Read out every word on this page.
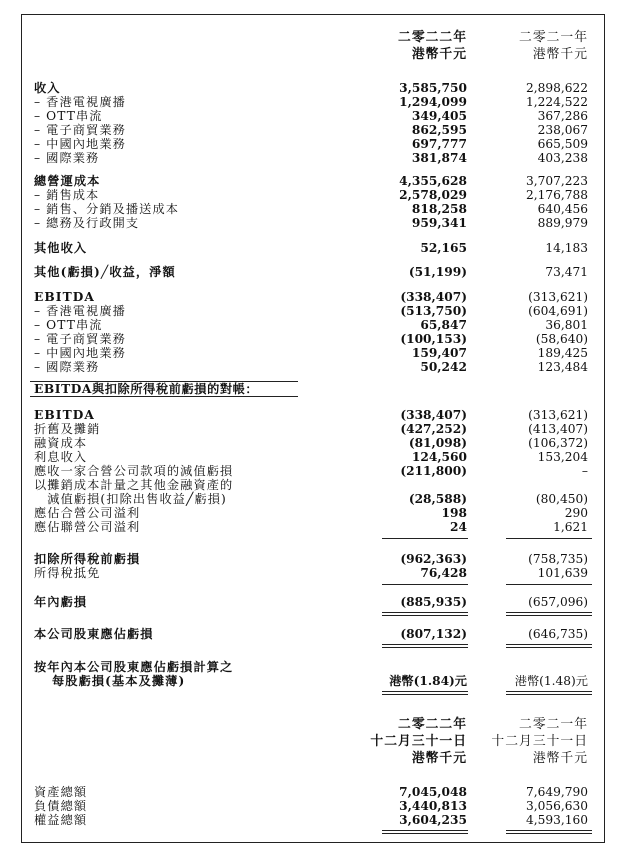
二零二二年	二零二一年
港幣千元	港幣千元
收入	3,585,750	2,898,622
– 香港電視廣播	1,294,099	1,224,522
– OTT串流	349,405	367,286
– 電子商貿業務	862,595	238,067
– 中國內地業務	697,777	665,509
– 國際業務	381,874	403,238
總營運成本	4,355,628	3,707,223
– 銷售成本	2,578,029	2,176,788
– 銷售、分銷及播送成本	818,258	640,456
– 總務及行政開支	959,341	889,979
其他收入	52,165	14,183
其他(虧損)╱收益，淨額	(51,199)	73,471
EBITDA	(338,407)	(313,621)
– 香港電視廣播	(513,750)	(604,691)
– OTT串流	65,847	36,801
– 電子商貿業務	(100,153)	(58,640)
– 中國內地業務	159,407	189,425
– 國際業務	50,242	123,484
EBITDA與扣除所得稅前虧損的對帳：
EBITDA	(338,407)	(313,621)
折舊及攤銷	(427,252)	(413,407)
融資成本	(81,098)	(106,372)
利息收入	124,560	153,204
應收一家合營公司款項的減值虧損	(211,800)	–
以攤銷成本計量之其他金融資產的
　減值虧損(扣除出售收益╱虧損)	(28,588)	(80,450)
應佔合營公司溢利	198	290
應佔聯營公司溢利	24	1,621
扣除所得稅前虧損	(962,363)	(758,735)
所得稅抵免	76,428	101,639
年內虧損	(885,935)	(657,096)
本公司股東應佔虧損	(807,132)	(646,735)
按年內本公司股東應佔虧損計算之
每股虧損(基本及攤薄)	港幣(1.84)元	港幣(1.48)元
二零二二年	二零二一年
十二月三十一日 十二月三十一日
港幣千元	港幣千元
資產總額	7,045,048	7,649,790
負債總額	3,440,813	3,056,630
權益總額	3,604,235	4,593,160
